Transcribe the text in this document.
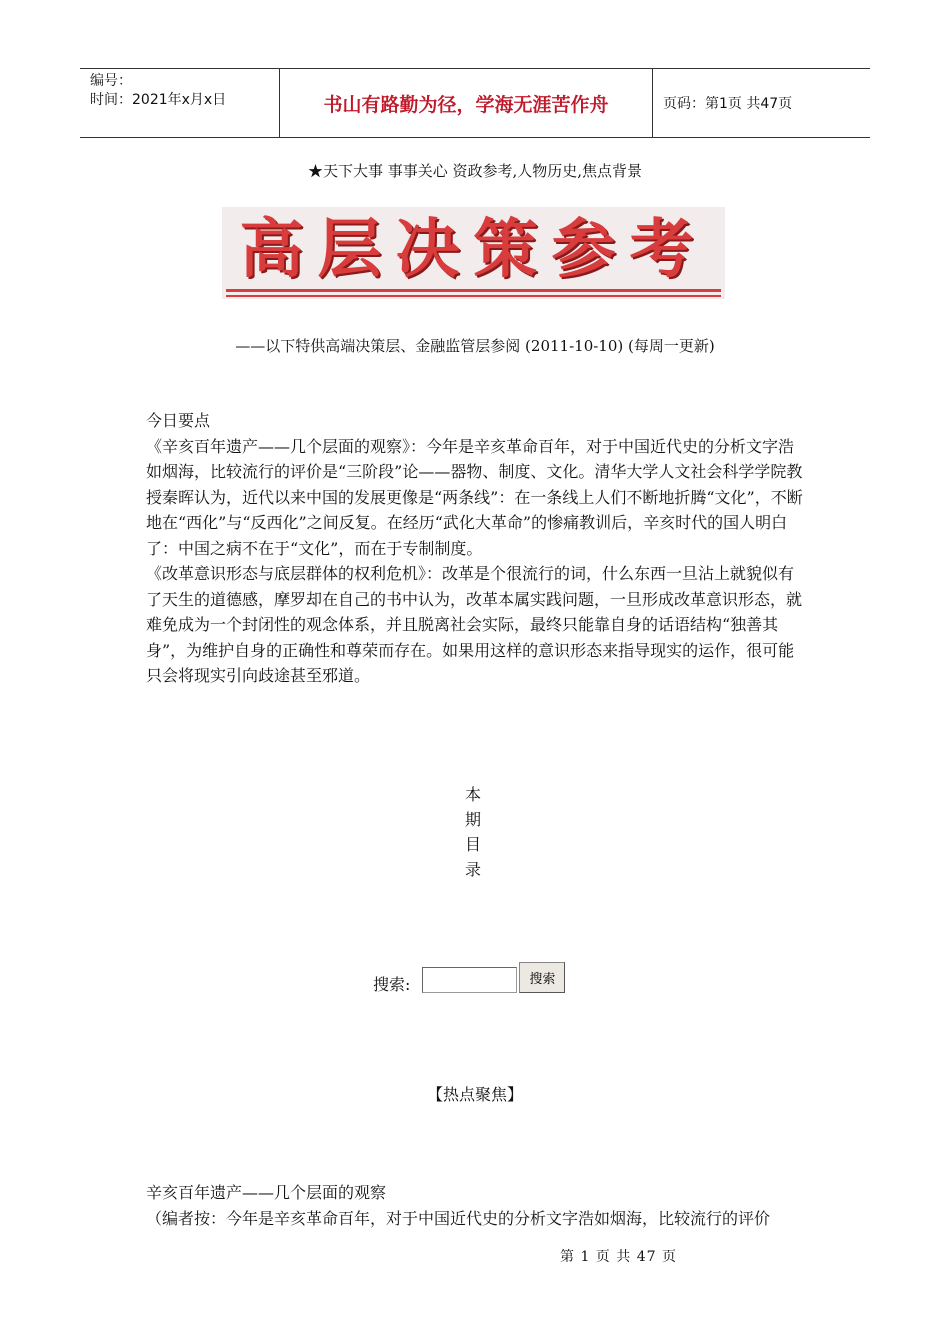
编号：
时间：2021年x月x日	书山有路勤为径，学海无涯苦作舟	页码：第1页 共47页
★天下大事 事事关心 资政参考,人物历史,焦点背景
高层决策参考
——以下特供高端决策层、金融监管层参阅 (2011-10-10) (每周一更新)

今日要点

《辛亥百年遗产——几个层面的观察》：今年是辛亥革命百年，对于中国近代史的分析文字浩如烟海，比较流行的评价是“三阶段”论——器物、制度、文化。清华大学人文社会科学学院教授秦晖认为，近代以来中国的发展更像是“两条线”：在一条线上人们不断地折腾“文化”，不断地在“西化”与“反西化”之间反复。在经历“武化大革命”的惨痛教训后，辛亥时代的国人明白了：中国之病不在于“文化”，而在于专制制度。

《改革意识形态与底层群体的权利危机》：改革是个很流行的词，什么东西一旦沾上就貌似有了天生的道德感，摩罗却在自己的书中认为，改革本属实践问题，一旦形成改革意识形态，就难免成为一个封闭性的观念体系，并且脱离社会实际，最终只能靠自身的话语结构“独善其身”，为维护自身的正确性和尊荣而存在。如果用这样的意识形态来指导现实的运作，很可能只会将现实引向歧途甚至邪道。

本
期
目
录
搜索:	搜索
【热点聚焦】

辛亥百年遗产——几个层面的观察

（编者按：今年是辛亥革命百年，对于中国近代史的分析文字浩如烟海，比较流行的评价

第 1 页 共 47 页
